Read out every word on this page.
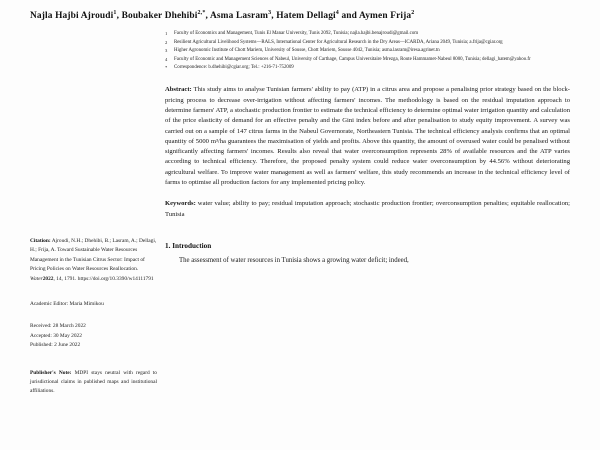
Najla Hajbi Ajroudi$^1$, Boubaker Dhehibi$^{2,*}$, Asma Lasram$^3$, Hatem Dellagi$^4$ and Aymen Frija$^2$
Citation: Ajroudi, N.H.; Dhehibi, B.; Lasram, A.; Dellagi, H.; Frija, A. Toward Sustainable Water Resources Management in the Tunisian Citrus Sector: Impact of Pricing Policies on Water Resources Reallocation. Water2022, 14, 1791. https://doi.org/10.3390/w14111791
Academic Editor: Maria Mimikou
Received: 28 March 2022
Accepted: 30 May 2022
Published: 2 June 2022
Publisher's Note: MDPI stays neutral with regard to jurisdictional claims in published maps and institutional affiliations.
1	Faculty of Economics and Management, Tunis El Manar University, Tunis 2092, Tunisia; najla.hajbi.benajroudi@gmail.com
2	Resilient Agricultural Livelihood Systems—RALS, International Center for Agricultural Research in the Dry Areas—ICARDA, Ariana 2049, Tunisia; a.frija@cgiar.org
3	Higher Agronomic Institute of Chott Mariem, University of Sousse, Chott Mariem, Sousse 4042, Tunisia; asma.lasram@iresa.agrinet.tn
4	Faculty of Economic and Management Sciences of Nabeul, University of Carthage, Campus Universitaire Mrezga, Route Hammamet-Nabeul 8000, Tunisia; dellagi_hatem@yahoo.fr
*	Correspondence: b.dhehibi@cgiar.org; Tel.: +216-71-752009
Abstract: This study aims to analyse Tunisian farmers' ability to pay (ATP) in a citrus area and propose a penalising prior strategy based on the block-pricing process to decrease over-irrigation without affecting farmers' incomes. The methodology is based on the residual imputation approach to determine farmers' ATP, a stochastic production frontier to estimate the technical efficiency to determine optimal water irrigation quantity and calculation of the price elasticity of demand for an effective penalty and the Gini index before and after penalisation to study equity improvement. A survey was carried out on a sample of 147 citrus farms in the Nabeul Governorate, Northeastern Tunisia. The technical efficiency analysis confirms that an optimal quantity of 5000 m³/ha guarantees the maximisation of yields and profits. Above this quantity, the amount of overused water could be penalised without significantly affecting farmers' incomes. Results also reveal that water overconsumption represents 28% of available resources and the ATP varies according to technical efficiency. Therefore, the proposed penalty system could reduce water overconsumption by 44.56% without deteriorating agricultural welfare. To improve water management as well as farmers' welfare, this study recommends an increase in the technical efficiency level of farms to optimise all production factors for any implemented pricing policy.
Keywords: water value; ability to pay; residual imputation approach; stochastic production frontier; overconsumption penalties; equitable reallocation; Tunisia
1. Introduction
The assessment of water resources in Tunisia shows a growing water deficit; indeed,
